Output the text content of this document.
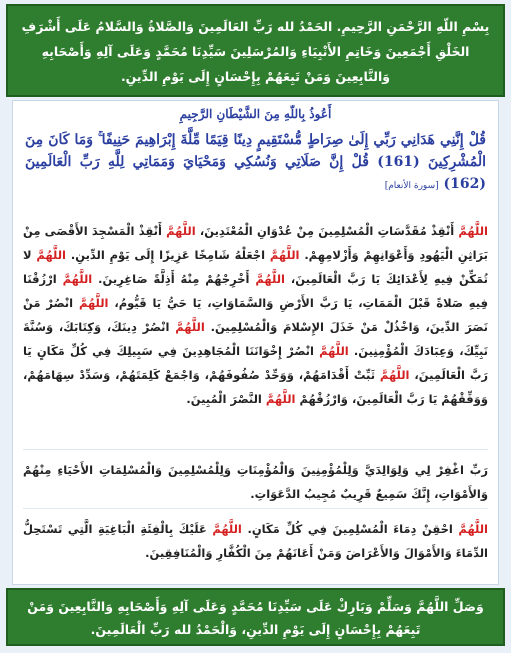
بِسْمِ اللّهِ الرَّحْمَنِ الرَّحِيمِ. الحَمْدُ لله رَبِّ العَالَمِينَ وَالصَّلاةُ وَالسَّلامُ عَلَى أَشْرَفِ الخَلْقِ أَجْمَعِينَ وَخَاتِمِ الأَنْبِيَاءِ وَالمُرْسَلِينَ سَيِّدِنَا مُحَمَّدٍ وَعَلَى آلِهِ وَأَصْحَابِهِ وَالتَّابِعِينَ وَمَنْ تَبِعَهُمْ بِإِحْسَانٍ إِلَى يَوْمِ الدِّينِ.
أَعُوذُ بِاللّهِ مِنَ الشَّيْطَانِ الرَّجِيمِ
قُلْ إِنَّنِي هَدَانِي رَبِّي إِلَىٰ صِرَاطٍ مُّسْتَقِيمٍ دِينًا قِيَمًا مِّلَّةَ إِبْرَاهِيمَ حَنِيفًا ۚ وَمَا كَانَ مِنَ الْمُشْرِكِينَ (161) قُلْ إِنَّ صَلَاتِي وَنُسُكِي وَمَحْيَايَ وَمَمَاتِي لِلَّهِ رَبِّ الْعَالَمِينَ (162) [سورة الأنعام]
اللَّهُمَّ أَنْقِذْ مُقَدَّسَاتِ الْمُسْلِمِينَ مِنْ عُدْوَانِ الْمُعْتَدِينَ، اللَّهُمَّ أَنْقِذْ الْمَسْجِدَ الأَقْصَى مِنْ بَرَاثِنِ الْيَهُودِ وَأَعْوَانِهِمْ وَأَزْلامِهِمْ. اللَّهُمَّ اجْعَلْهُ شَامِخًا عَزِيزًا إِلَى يَوْمِ الدِّينِ. اللَّهُمَّ لا تُمَكِّنْ فِيهِ لِأَعْدَائِكَ يَا رَبَّ الْعَالَمِينَ، اللَّهُمَّ أَخْرِجْهُمْ مِنْهُ أَذِلَّةً صَاغِرِينَ. اللَّهُمَّ ارْزُقْنَا فِيهِ صَلاةً قَبْلَ الْمَمَاتِ، يَا رَبَّ الأَرْضِ وَالسَّمَاوَاتِ، يَا حَيُّ يَا قَيُّومُ، اللَّهُمَّ انْصُرْ مَنْ نَصَرَ الدِّينَ، وَاخْذُلْ مَنْ خَذَلَ الإِسْلامَ وَالْمُسْلِمِينَ. اللَّهُمَّ انْصُرْ دِينَكَ، وَكِتَابَكَ، وَسُنَّةَ نَبِيِّكَ، وَعِبَادَكَ الْمُؤْمِنِينَ. اللَّهُمَّ انْصُرْ إِخْوَانَنَا الْمُجَاهِدِينَ فِي سَبِيلِكَ فِي كُلِّ مَكَانٍ يَا رَبَّ الْعَالَمِينَ، اللَّهُمَّ ثَبِّتْ أَقْدَامَهُمْ، وَوَحِّدْ صُفُوفَهُمْ، وَاجْمَعْ كَلِمَتَهُمْ، وَسَدِّدْ سِهَامَهُمْ، وَوَفِّقْهُمْ يَا رَبَّ الْعَالَمِينَ، وَارْزُقْهُمْ اللَّهُمَّ النَّصْرَ الْمُبِينَ.
رَبِّ اغْفِرْ لِي وَلِوَالِدَيَّ وَلِلْمُؤْمِنِينَ وَالْمُؤْمِنَاتِ وَلِلْمُسْلِمِينَ وَالْمُسْلِمَاتِ الأَحْيَاءِ مِنْهُمْ وَالأَمْوَاتِ، إِنَّكَ سَمِيعٌ قَرِيبٌ مُجِيبُ الدَّعَوَاتِ.
اللَّهُمَّ احْقِنْ دِمَاءَ الْمُسْلِمِينَ فِي كُلِّ مَكَانٍ. اللَّهُمَّ عَلَيْكَ بِالْفِئَةِ الْبَاغِيَةِ الَّتِي تَسْتَحِلُّ الدِّمَاءَ وَالأَمْوَالَ وَالأَعْرَاضَ وَمَنْ أَعَانَهُمْ مِنَ الْكُفَّارِ وَالْمُنَافِقِينَ.
وَصَلِّ اللَّهُمَّ وَسَلِّمْ وَبَارِكْ عَلَى سَيِّدِنَا مُحَمَّدٍ وَعَلَى آلِهِ وَأَصْحَابِهِ وَالتَّابِعِينَ وَمَنْ تَبِعَهُمْ بِإِحْسَانٍ إِلَى يَوْمِ الدِّينِ، وَالْحَمْدُ لله رَبِّ الْعَالَمِينَ.
